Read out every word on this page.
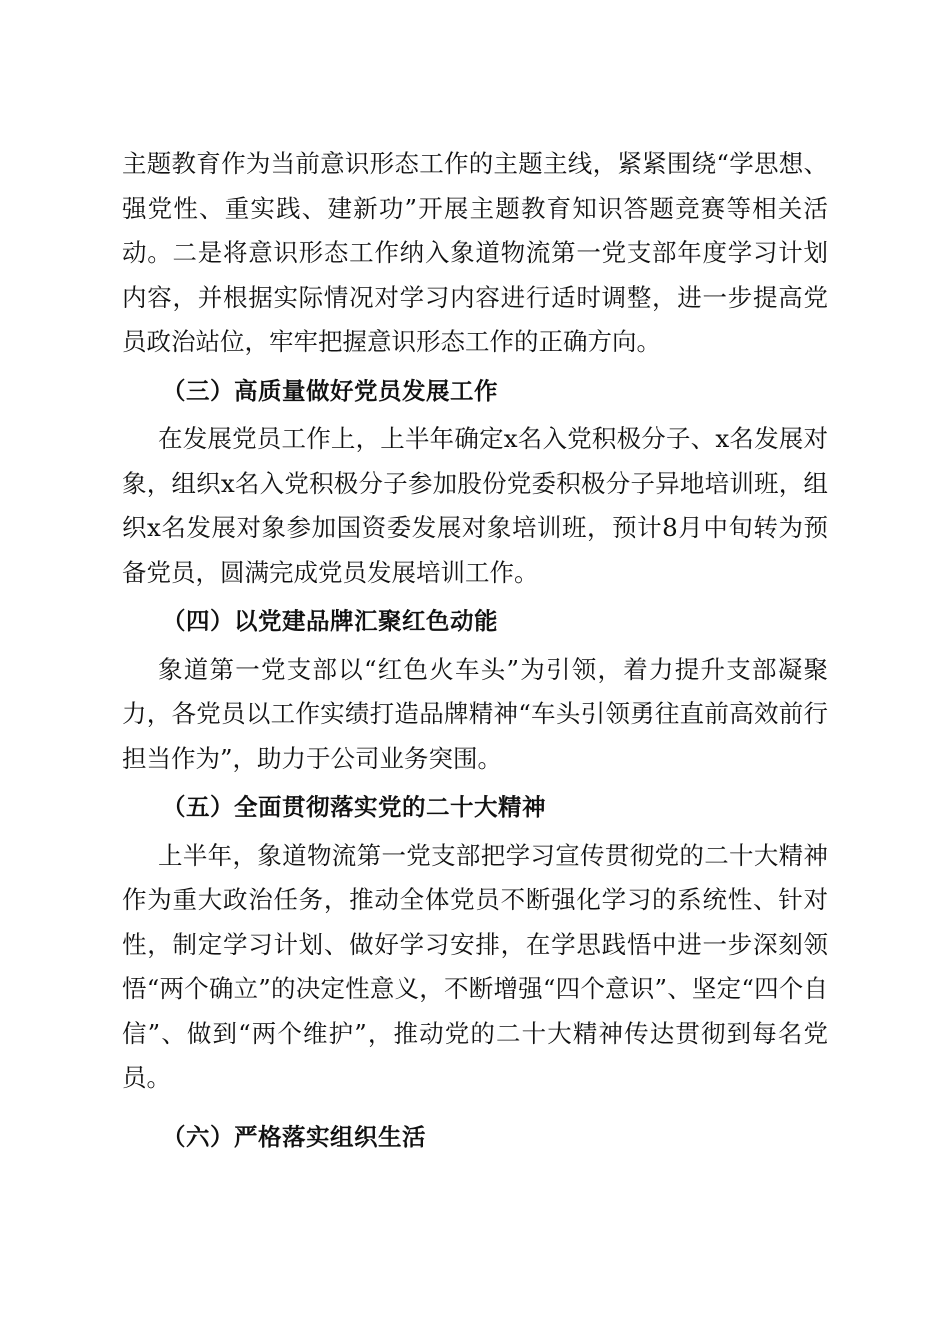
主题教育作为当前意识形态工作的主题主线，紧紧围绕“学思想、强党性、重实践、建新功”开展主题教育知识答题竞赛等相关活动。二是将意识形态工作纳入象道物流第一党支部年度学习计划内容，并根据实际情况对学习内容进行适时调整，进一步提高党员政治站位，牢牢把握意识形态工作的正确方向。

（三）高质量做好党员发展工作

在发展党员工作上，上半年确定x名入党积极分子、x名发展对象，组织x名入党积极分子参加股份党委积极分子异地培训班，组织x名发展对象参加国资委发展对象培训班，预计8月中旬转为预备党员，圆满完成党员发展培训工作。

（四）以党建品牌汇聚红色动能

象道第一党支部以“红色火车头”为引领，着力提升支部凝聚力，各党员以工作实绩打造品牌精神“车头引领勇往直前高效前行担当作为”，助力于公司业务突围。

（五）全面贯彻落实党的二十大精神

上半年，象道物流第一党支部把学习宣传贯彻党的二十大精神作为重大政治任务，推动全体党员不断强化学习的系统性、针对性，制定学习计划、做好学习安排，在学思践悟中进一步深刻领悟“两个确立”的决定性意义，不断增强“四个意识”、坚定“四个自信”、做到“两个维护”，推动党的二十大精神传达贯彻到每名党员。

（六）严格落实组织生活
